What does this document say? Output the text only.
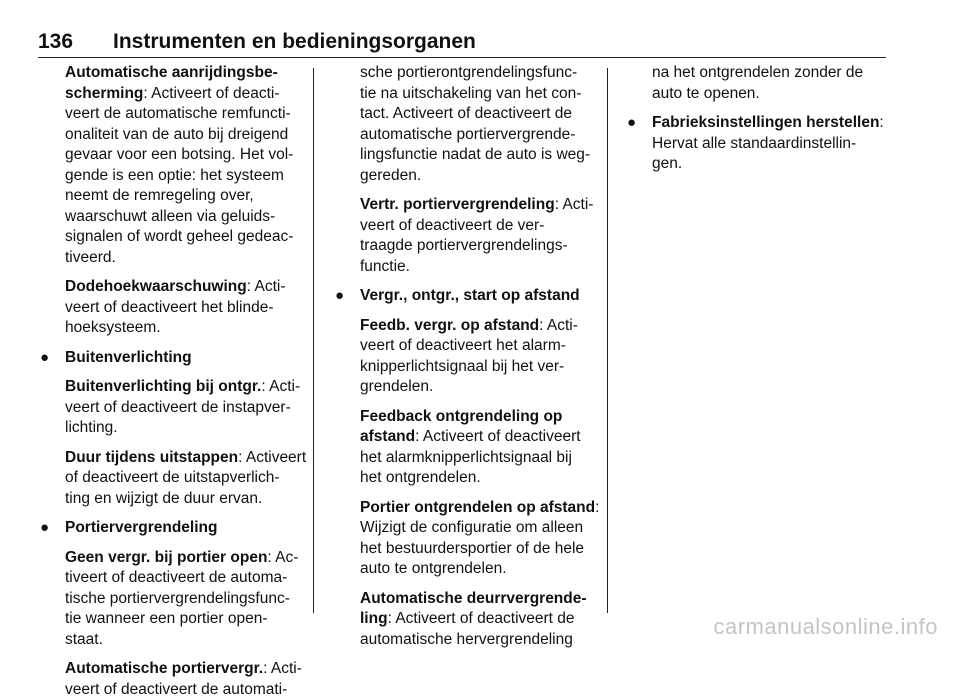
136 Instrumenten en bedieningsorganen
Automatische aanrijdingsbe-
scherming: Activeert of deacti-
veert de automatische remfuncti-
onaliteit van de auto bij dreigend
gevaar voor een botsing. Het vol-
gende is een optie: het systeem
neemt de remregeling over,
waarschuwt alleen via geluids-
signalen of wordt geheel gedeac-
tiveerd.
Dodehoekwaarschuwing: Acti-
veert of deactiveert het blinde-
hoeksysteem.
● Buitenverlichting
Buitenverlichting bij ontgr.: Acti-
veert of deactiveert de instapver-
lichting.
Duur tijdens uitstappen: Activeert
of deactiveert de uitstapverlich-
ting en wijzigt de duur ervan.
● Portiervergrendeling
Geen vergr. bij portier open: Ac-
tiveert of deactiveert de automa-
tische portiervergrendelingsfunc-
tie wanneer een portier open-
staat.
Automatische portiervergr.: Acti-
veert of deactiveert de automati-
sche portierontgrendelingsfunc-
tie na uitschakeling van het con-
tact. Activeert of deactiveert de
automatische portiervergrende-
lingsfunctie nadat de auto is weg-
gereden.
Vertr. portiervergrendeling: Acti-
veert of deactiveert de ver-
traagde portiervergrendelings-
functie.
● Vergr., ontgr., start op afstand
Feedb. vergr. op afstand: Acti-
veert of deactiveert het alarm-
knipperlichtsignaal bij het ver-
grendelen.
Feedback ontgrendeling op
afstand: Activeert of deactiveert
het alarmknipperlichtsignaal bij
het ontgrendelen.
Portier ontgrendelen op afstand:
Wijzigt de configuratie om alleen
het bestuurdersportier of de hele
auto te ontgrendelen.
Automatische deurrvergrende-
ling: Activeert of deactiveert de
automatische hervergrendeling
na het ontgrendelen zonder de
auto te openen.
● Fabrieksinstellingen herstellen:
Hervat alle standaardinstellin-
gen.
carmanualsonline.info
